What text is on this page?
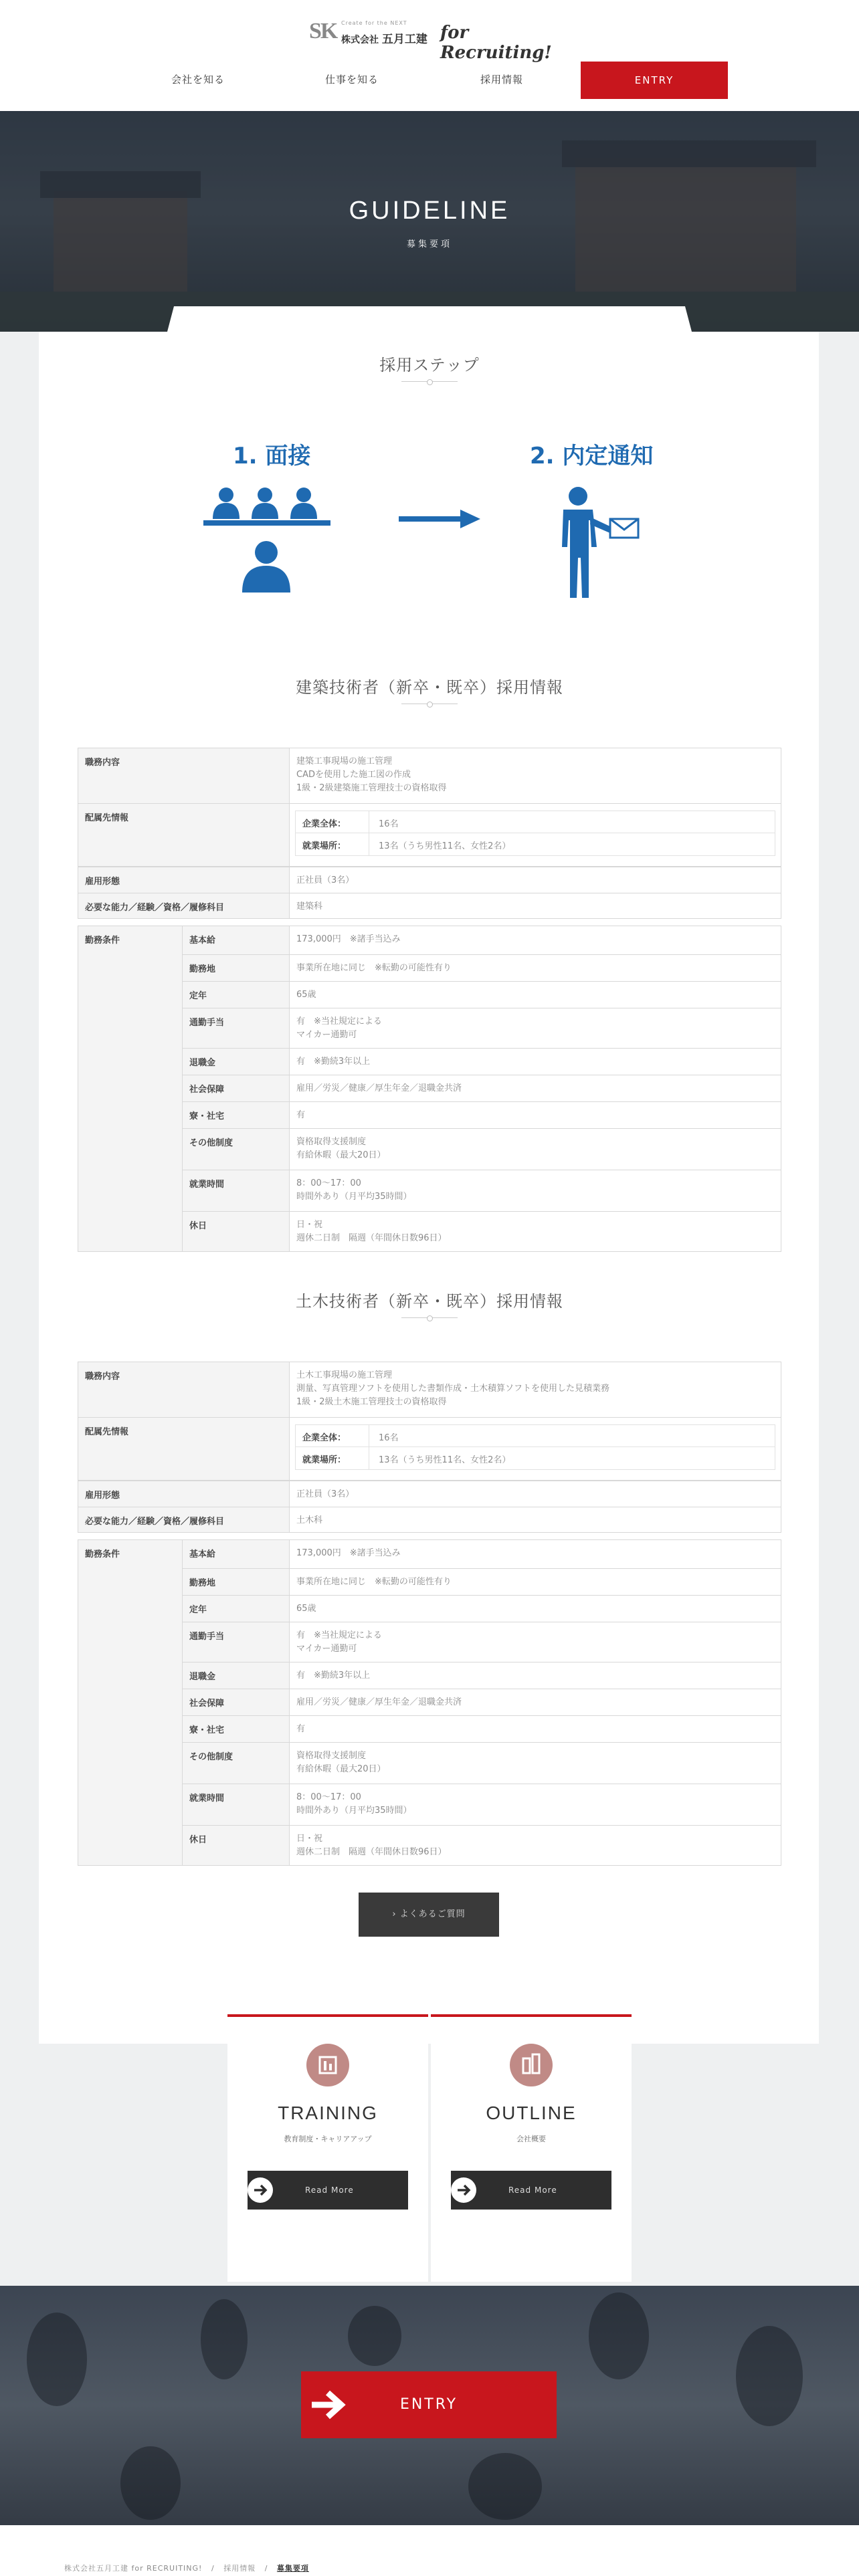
SK Create for the NEXT
株式会社 五月工建 for Recruiting!
会社を知る	仕事を知る	採用情報	ENTRY
GUIDELINE
募集要項
採用ステップ
1. 面接	2. 内定通知
建築技術者（新卒・既卒）採用情報
職務内容	建築工事現場の施工管理
CADを使用した施工図の作成
1級・2級建築施工管理技士の資格取得
配属先情報
企業全体：	16名
就業場所：	13名（うち男性11名、女性2名）
雇用形態	正社員（3名）
必要な能力／経験／資格／履修科目	建築科
勤務条件	基本給	173,000円　※諸手当込み
勤務地	事業所在地に同じ　※転勤の可能性有り
定年	65歳
通勤手当	有　※当社規定による
マイカー通勤可
退職金	有　※勤続3年以上
社会保障	雇用／労災／健康／厚生年金／退職金共済
寮・社宅	有
その他制度	資格取得支援制度
有給休暇（最大20日）
就業時間	8：00〜17：00
時間外あり（月平均35時間）
休日	日・祝
週休二日制　隔週（年間休日数96日）
土木技術者（新卒・既卒）採用情報
職務内容	土木工事現場の施工管理
測量、写真管理ソフトを使用した書類作成・土木積算ソフトを使用した見積業務
1級・2級土木施工管理技士の資格取得
配属先情報
企業全体：	16名
就業場所：	13名（うち男性11名、女性2名）
雇用形態	正社員（3名）
必要な能力／経験／資格／履修科目	土木科
勤務条件	基本給	173,000円　※諸手当込み
勤務地	事業所在地に同じ　※転勤の可能性有り
定年	65歳
通勤手当	有　※当社規定による
マイカー通勤可
退職金	有　※勤続3年以上
社会保障	雇用／労災／健康／厚生年金／退職金共済
寮・社宅	有
その他制度	資格取得支援制度
有給休暇（最大20日）
就業時間	8：00〜17：00
時間外あり（月平均35時間）
休日	日・祝
週休二日制　隔週（年間休日数96日）
› よくあるご質問
TRAINING
教育制度・キャリアアップ
Read More
OUTLINE
会社概要
Read More
ENTRY
株式会社五月工建 for RECRUITING! / 採用情報 / 募集要項
